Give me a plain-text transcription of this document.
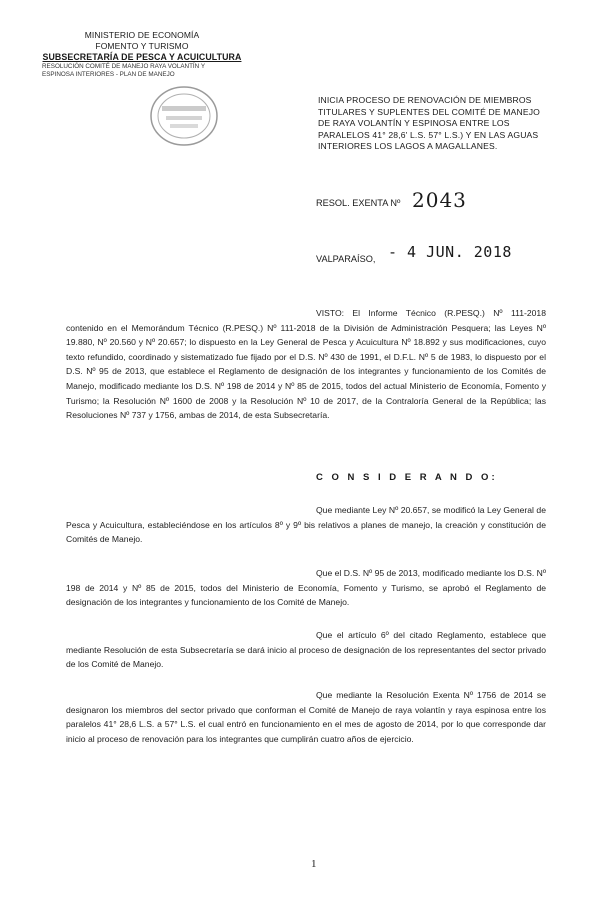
MINISTERIO DE ECONOMÍA
FOMENTO Y TURISMO
SUBSECRETARÍA DE PESCA Y ACUICULTURA
RESOLUCIÓN COMITÉ DE MANEJO RAYA VOLANTÍN Y
ESPINOSA INTERIORES - PLAN DE MANEJO
INICIA PROCESO DE RENOVACIÓN DE MIEMBROS TITULARES Y SUPLENTES DEL COMITÉ DE MANEJO DE RAYA VOLANTÍN Y ESPINOSA ENTRE LOS PARALELOS 41° 28,6' L.S. 57° L.S.) Y EN LAS AGUAS INTERIORES LOS LAGOS A MAGALLANES.
RESOL. EXENTA Nº 2043
VALPARAÍSO, - 4 JUN. 2018
VISTO: El Informe Técnico (R.PESQ.) Nº 111-2018 contenido en el Memorándum Técnico (R.PESQ.) Nº 111-2018 de la División de Administración Pesquera; las Leyes Nº 19.880, Nº 20.560 y Nº 20.657; lo dispuesto en la Ley General de Pesca y Acuicultura Nº 18.892 y sus modificaciones, cuyo texto refundido, coordinado y sistematizado fue fijado por el D.S. Nº 430 de 1991, el D.F.L. Nº 5 de 1983, lo dispuesto por el D.S. Nº 95 de 2013, que establece el Reglamento de designación de los integrantes y funcionamiento de los Comités de Manejo, modificado mediante los D.S. Nº 198 de 2014 y Nº 85 de 2015, todos del actual Ministerio de Economía, Fomento y Turismo; la Resolución Nº 1600 de 2008 y la Resolución Nº 10 de 2017, de la Contraloría General de la República; las Resoluciones Nº 737 y 1756, ambas de 2014, de esta Subsecretaría.
C O N S I D E R A N D O:
Que mediante Ley Nº 20.657, se modificó la Ley General de Pesca y Acuicultura, estableciéndose en los artículos 8º y 9º bis relativos a planes de manejo, la creación y constitución de Comités de Manejo.
Que el D.S. Nº 95 de 2013, modificado mediante los D.S. Nº 198 de 2014 y Nº 85 de 2015, todos del Ministerio de Economía, Fomento y Turismo, se aprobó el Reglamento de designación de los integrantes y funcionamiento de los Comité de Manejo.
Que el artículo 6º del citado Reglamento, establece que mediante Resolución de esta Subsecretaría se dará inicio al proceso de designación de los representantes del sector privado de los Comité de Manejo.
Que mediante la Resolución Exenta Nº 1756 de 2014 se designaron los miembros del sector privado que conforman el Comité de Manejo de raya volantín y raya espinosa entre los paralelos 41° 28,6 L.S. a 57° L.S. el cual entró en funcionamiento en el mes de agosto de 2014, por lo que corresponde dar inicio al proceso de renovación para los integrantes que cumplirán cuatro años de ejercicio.
1
